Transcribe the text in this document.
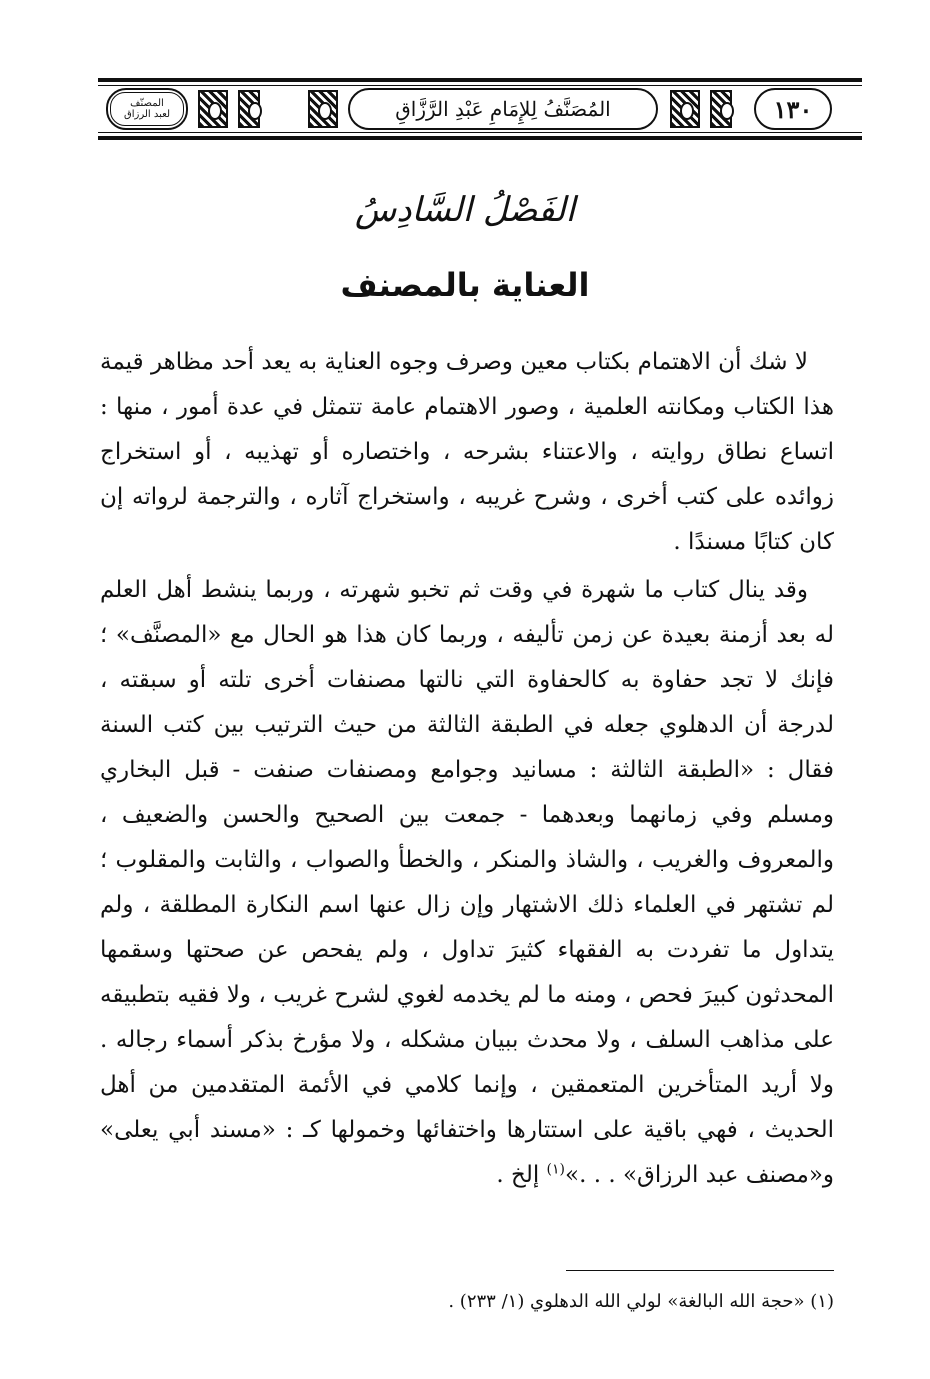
المصنّف
لعبد الرزاق	المُصَنَّفُ لِلإِمَامِ عَبْدِ الرَّزَّاقِ	١٣٠
الفَصْلُ السَّادِسُ
العناية بالمصنف

لا شك أن الاهتمام بكتاب معين وصرف وجوه العناية به يعد أحد مظاهر قيمة هذا الكتاب ومكانته العلمية ، وصور الاهتمام عامة تتمثل في عدة أمور ، منها : اتساع نطاق روايته ، والاعتناء بشرحه ، واختصاره أو تهذيبه ، أو استخراج زوائده على كتب أخرى ، وشرح غريبه ، واستخراج آثاره ، والترجمة لرواته إن كان كتابًا مسندًا .

وقد ينال كتاب ما شهرة في وقت ثم تخبو شهرته ، وربما ينشط أهل العلم له بعد أزمنة بعيدة عن زمن تأليفه ، وربما كان هذا هو الحال مع «المصنَّف» ؛ فإنك لا تجد حفاوة به كالحفاوة التي نالتها مصنفات أخرى تلته أو سبقته ، لدرجة أن الدهلوي جعله في الطبقة الثالثة من حيث الترتيب بين كتب السنة فقال : «الطبقة الثالثة : مسانيد وجوامع ومصنفات صنفت - قبل البخاري ومسلم وفي زمانهما وبعدهما - جمعت بين الصحيح والحسن والضعيف ، والمعروف والغريب ، والشاذ والمنكر ، والخطأ والصواب ، والثابت والمقلوب ؛ لم تشتهر في العلماء ذلك الاشتهار وإن زال عنها اسم النكارة المطلقة ، ولم يتداول ما تفردت به الفقهاء كثيرَ تداول ، ولم يفحص عن صحتها وسقمها المحدثون كبيرَ فحص ، ومنه ما لم يخدمه لغوي لشرح غريب ، ولا فقيه بتطبيقه على مذاهب السلف ، ولا محدث ببيان مشكله ، ولا مؤرخ بذكر أسماء رجاله . ولا أريد المتأخرين المتعمقين ، وإنما كلامي في الأئمة المتقدمين من أهل الحديث ، فهي باقية على استتارها واختفائها وخمولها كـ : «مسند أبي يعلى» و«مصنف عبد الرزاق» . . .»$^{(١)}$ إلخ .

(١) «حجة الله البالغة» لولي الله الدهلوي (١/ ٢٣٣) .
